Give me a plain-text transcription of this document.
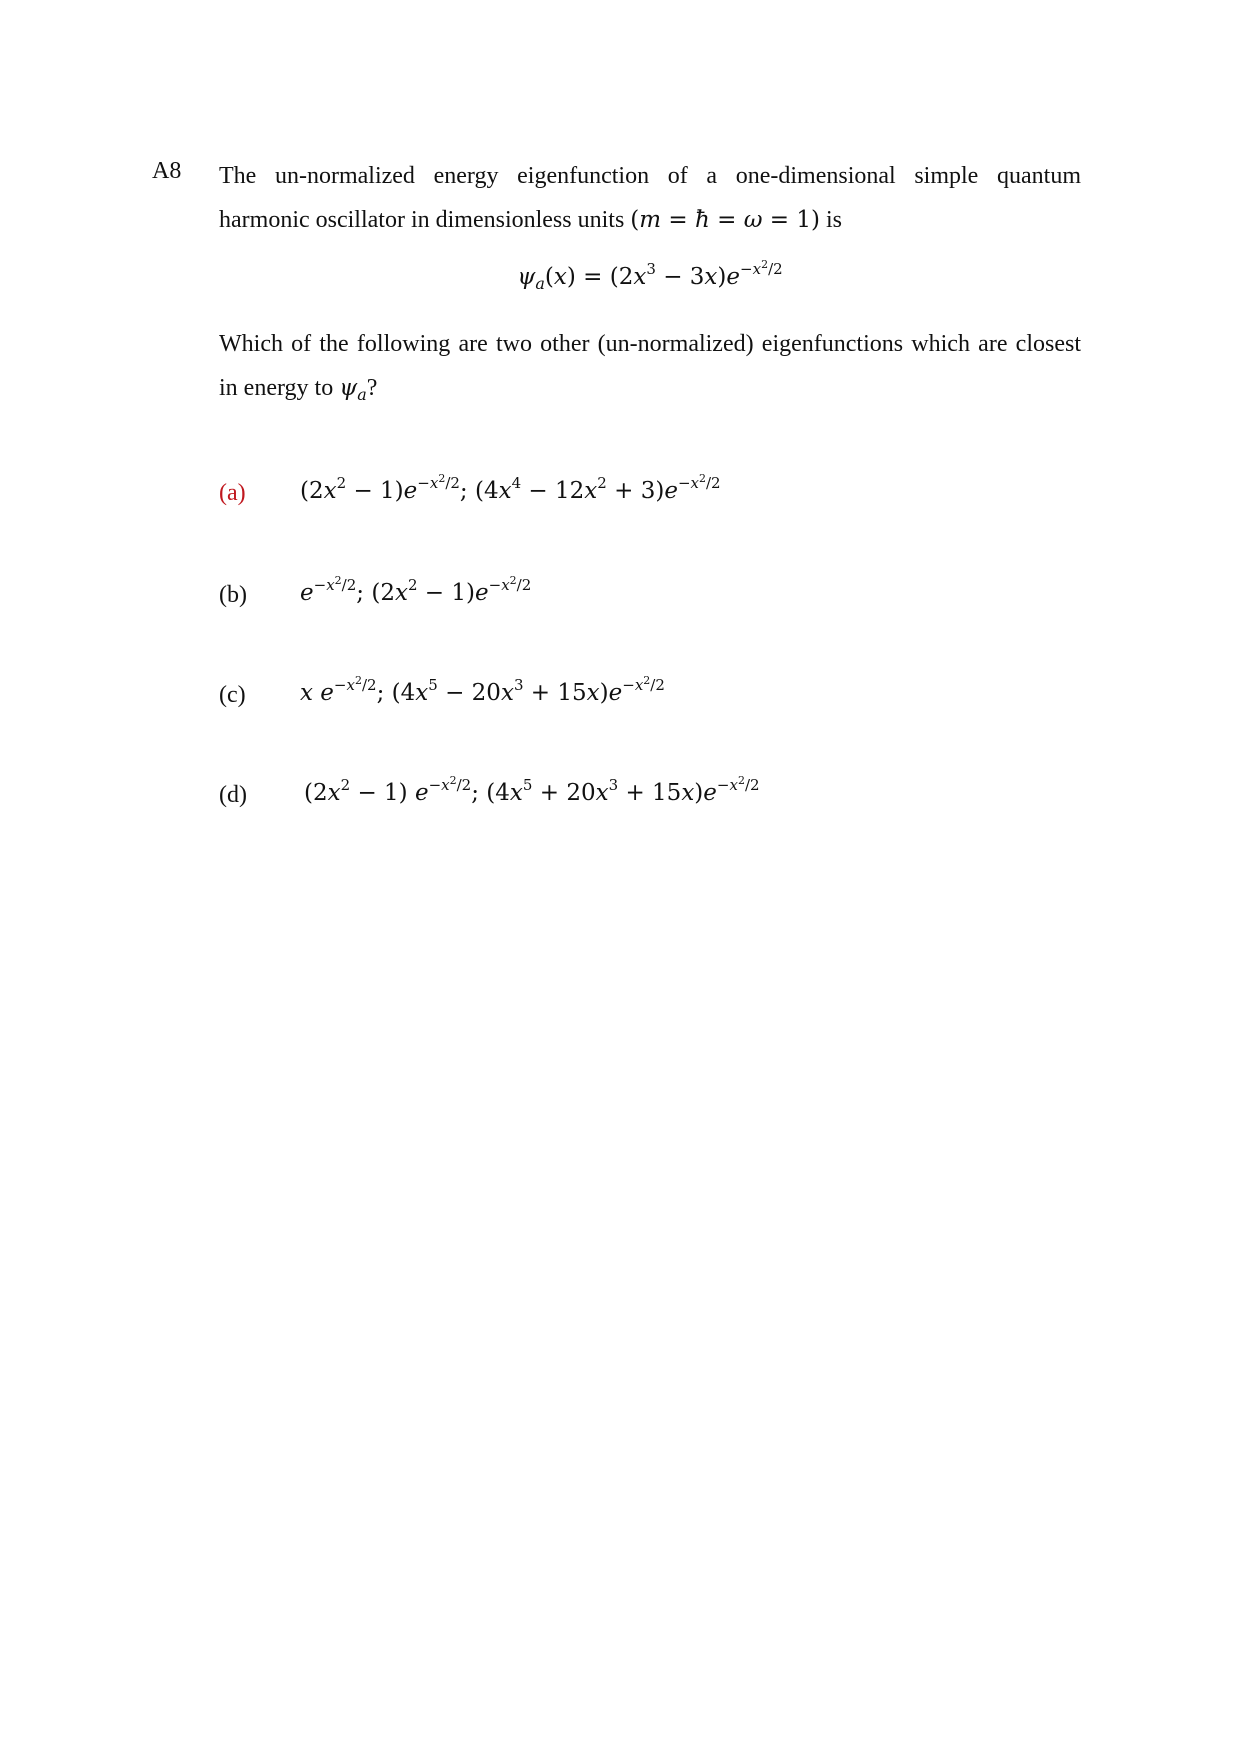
A8 The un-normalized energy eigenfunction of a one-dimensional simple quantum
harmonic oscillator in dimensionless units (m = ħ = ω = 1) is
$\psi_a(x) = (2x^3 - 3x)e^{-x^2/2}$
Which of the following are two other (un-normalized) eigenfunctions which are closest
in energy to $\psi_a$?
(a) $(2x^2 - 1)e^{-x^2/2}$; $(4x^4 - 12x^2 + 3)e^{-x^2/2}$
(b) $e^{-x^2/2}$; $(2x^2 - 1)e^{-x^2/2}$
(c) x $e^{-x^2/2}$; $(4x^5 - 20x^3 + 15x)e^{-x^2/2}$
(d) $(2x^2 - 1)$ $e^{-x^2/2}$; $(4x^5 + 20x^3 + 15x)e^{-x^2/2}$
